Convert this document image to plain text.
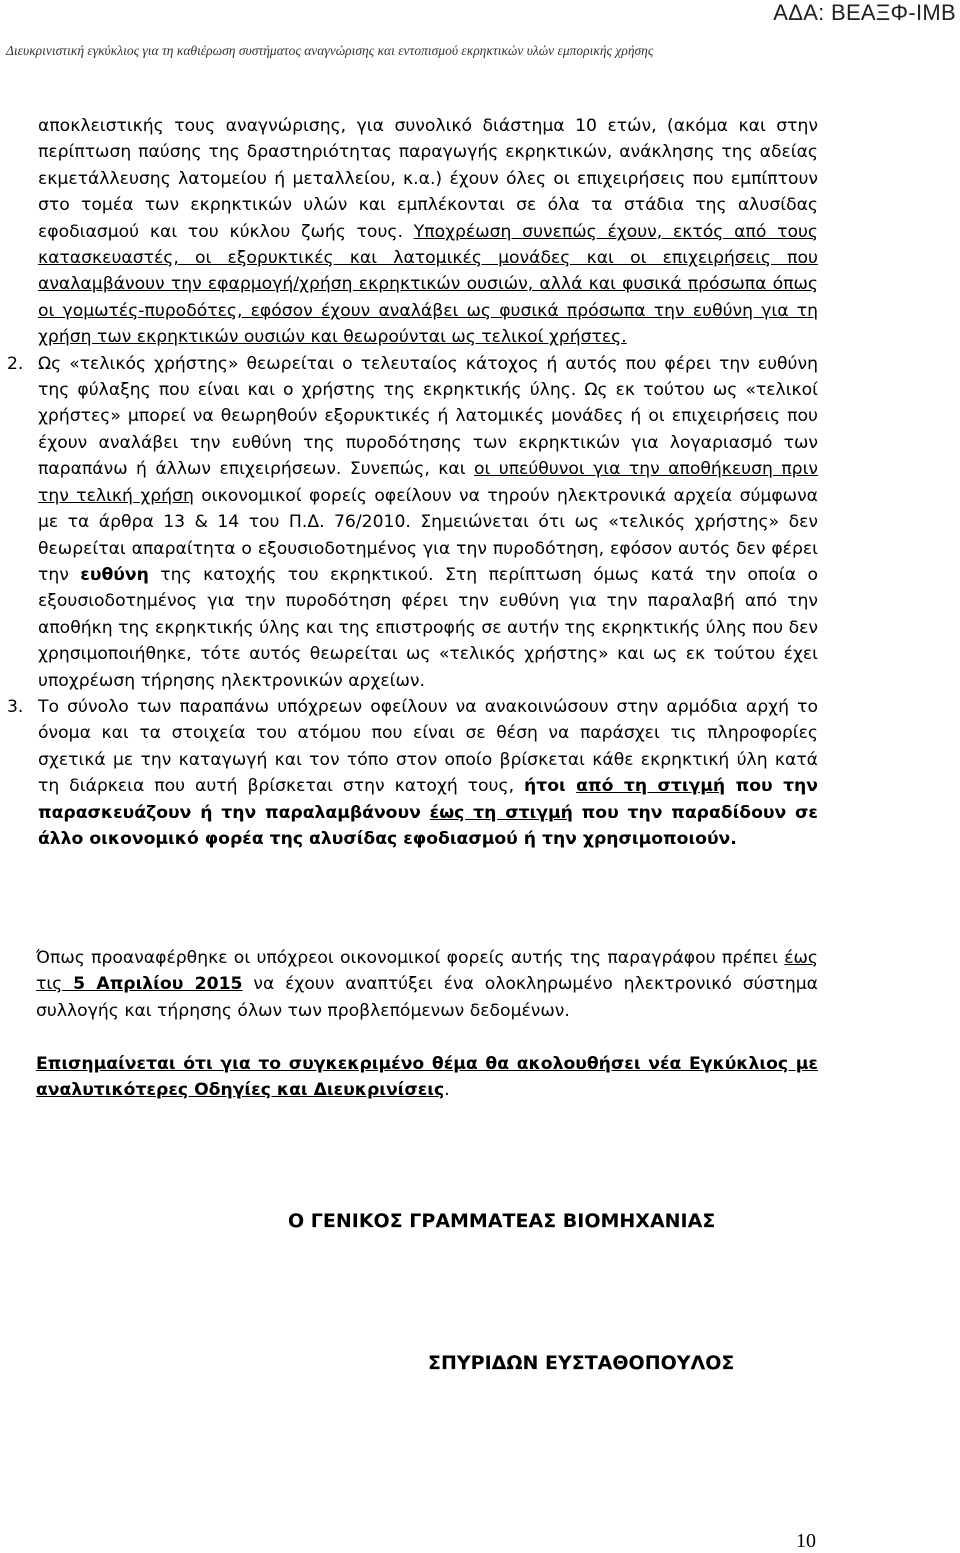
ΑΔΑ: ΒΕΑΞΦ-ΙΜΒ
Διευκρινιστική εγκύκλιος για τη καθιέρωση συστήματος αναγνώρισης και εντοπισμού εκρηκτικών υλών εμπορικής χρήσης

αποκλειστικής τους αναγνώρισης, για συνολικό διάστημα 10 ετών, (ακόμα και στην περίπτωση παύσης της δραστηριότητας παραγωγής εκρηκτικών, ανάκλησης της αδείας εκμετάλλευσης λατομείου ή μεταλλείου, κ.α.) έχουν όλες οι επιχειρήσεις που εμπίπτουν στο τομέα των εκρηκτικών υλών και εμπλέκονται σε όλα τα στάδια της αλυσίδας εφοδιασμού και του κύκλου ζωής τους. Υποχρέωση συνεπώς έχουν, εκτός από τους κατασκευαστές, οι εξορυκτικές και λατομικές μονάδες και οι επιχειρήσεις που αναλαμβάνουν την εφαρμογή/χρήση εκρηκτικών ουσιών, αλλά και φυσικά πρόσωπα όπως οι γομωτές-πυροδότες, εφόσον έχουν αναλάβει ως φυσικά πρόσωπα την ευθύνη για τη χρήση των εκρηκτικών ουσιών και θεωρούνται ως τελικοί χρήστες.

2. Ως «τελικός χρήστης» θεωρείται ο τελευταίος κάτοχος ή αυτός που φέρει την ευθύνη της φύλαξης που είναι και ο χρήστης της εκρηκτικής ύλης. Ως εκ τούτου ως «τελικοί χρήστες» μπορεί να θεωρηθούν εξορυκτικές ή λατομικές μονάδες ή οι επιχειρήσεις που έχουν αναλάβει την ευθύνη της πυροδότησης των εκρηκτικών για λογαριασμό των παραπάνω ή άλλων επιχειρήσεων. Συνεπώς, και οι υπεύθυνοι για την αποθήκευση πριν την τελική χρήση οικονομικοί φορείς οφείλουν να τηρούν ηλεκτρονικά αρχεία σύμφωνα με τα άρθρα 13 & 14 του Π.Δ. 76/2010. Σημειώνεται ότι ως «τελικός χρήστης» δεν θεωρείται απαραίτητα ο εξουσιοδοτημένος για την πυροδότηση, εφόσον αυτός δεν φέρει την ευθύνη της κατοχής του εκρηκτικού. Στη περίπτωση όμως κατά την οποία ο εξουσιοδοτημένος για την πυροδότηση φέρει την ευθύνη για την παραλαβή από την αποθήκη της εκρηκτικής ύλης και της επιστροφής σε αυτήν της εκρηκτικής ύλης που δεν χρησιμοποιήθηκε, τότε αυτός θεωρείται ως «τελικός χρήστης» και ως εκ τούτου έχει υποχρέωση τήρησης ηλεκτρονικών αρχείων.
3. Το σύνολο των παραπάνω υπόχρεων οφείλουν να ανακοινώσουν στην αρμόδια αρχή το όνομα και τα στοιχεία του ατόμου που είναι σε θέση να παράσχει τις πληροφορίες σχετικά με την καταγωγή και τον τόπο στον οποίο βρίσκεται κάθε εκρηκτική ύλη κατά τη διάρκεια που αυτή βρίσκεται στην κατοχή τους, ήτοι από τη στιγμή που την παρασκευάζουν ή την παραλαμβάνουν έως τη στιγμή που την παραδίδουν σε άλλο οικονομικό φορέα της αλυσίδας εφοδιασμού ή την χρησιμοποιούν.

Όπως προαναφέρθηκε οι υπόχρεοι οικονομικοί φορείς αυτής της παραγράφου πρέπει έως τις 5 Απριλίου 2015 να έχουν αναπτύξει ένα ολοκληρωμένο ηλεκτρονικό σύστημα συλλογής και τήρησης όλων των προβλεπόμενων δεδομένων.

Επισημαίνεται ότι για το συγκεκριμένο θέμα θα ακολουθήσει νέα Εγκύκλιος με αναλυτικότερες Οδηγίες και Διευκρινίσεις.

Ο ΓΕΝΙΚΟΣ ΓΡΑΜΜΑΤΕΑΣ ΒΙΟΜΗΧΑΝΙΑΣ
ΣΠΥΡΙΔΩΝ ΕΥΣΤΑΘΟΠΟΥΛΟΣ
10
